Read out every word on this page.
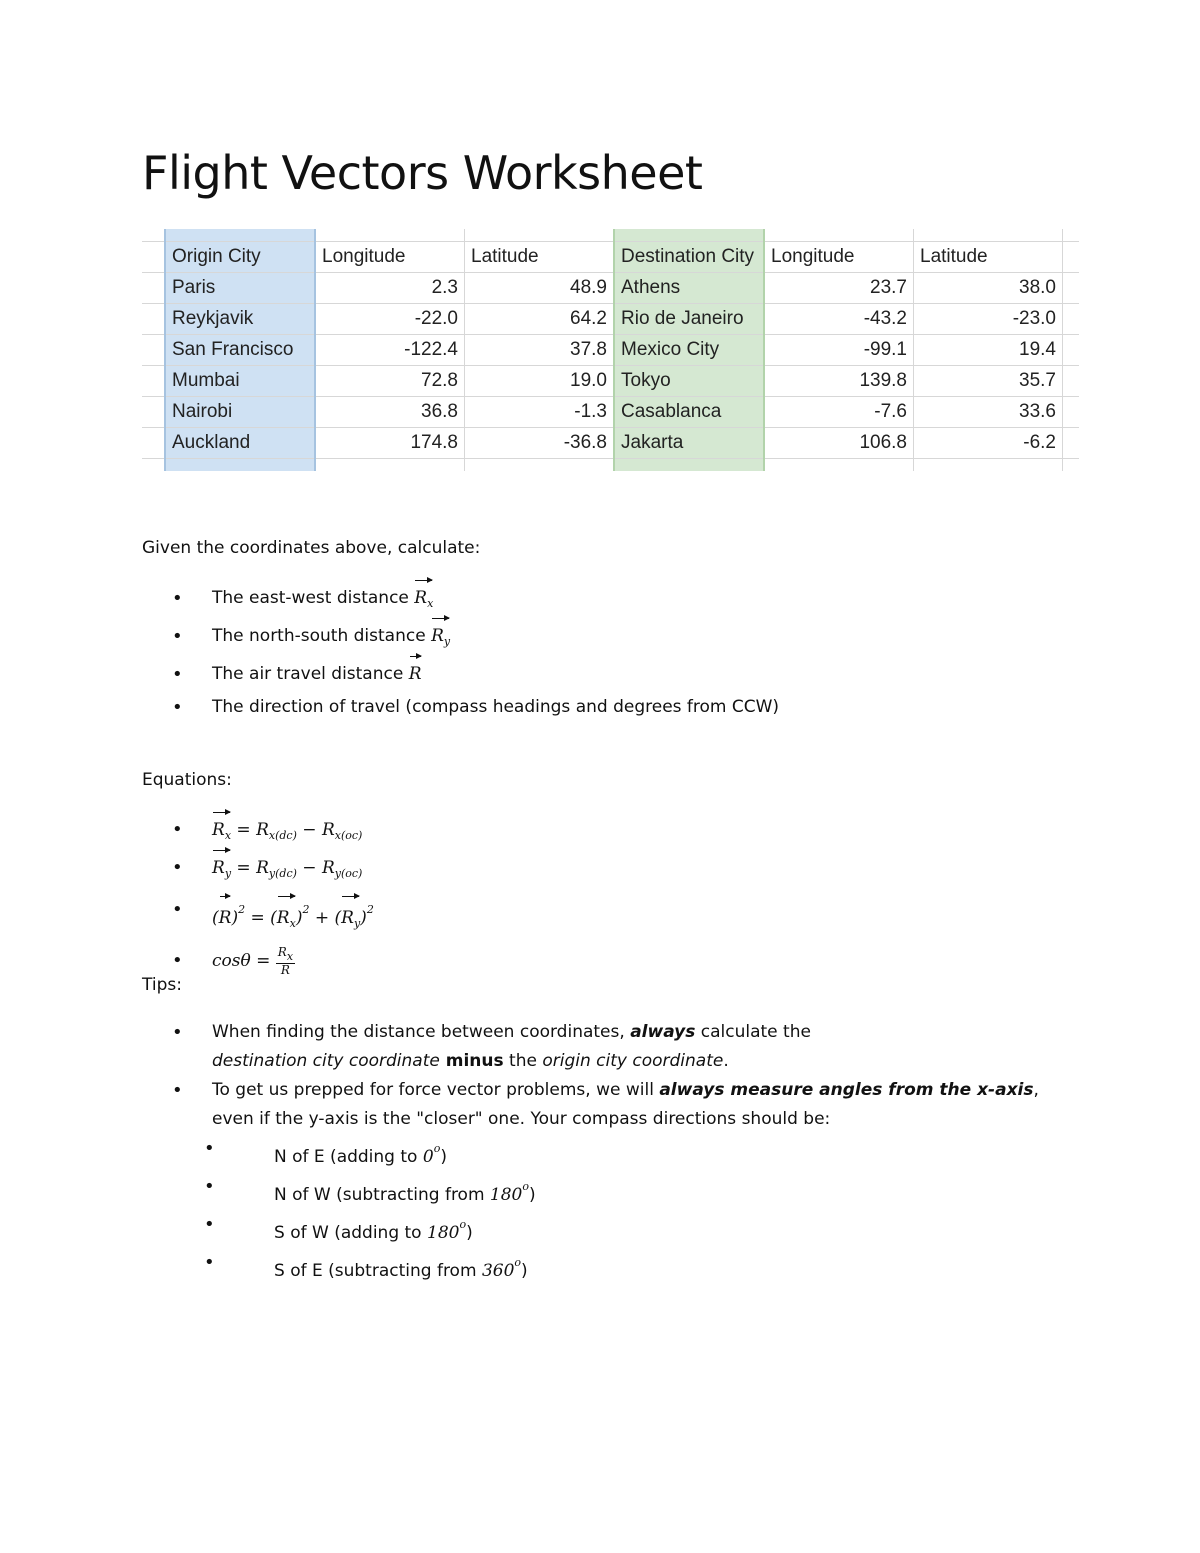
Flight Vectors Worksheet

	Origin City	Longitude	Latitude	Destination City	Longitude	Latitude	
	Paris	2.3	48.9	Athens	23.7	38.0	
	Reykjavik	-22.0	64.2	Rio de Janeiro	-43.2	-23.0	
	San Francisco	-122.4	37.8	Mexico City	-99.1	19.4	
	Mumbai	72.8	19.0	Tokyo	139.8	35.7	
	Nairobi	36.8	-1.3	Casablanca	-7.6	33.6	
	Auckland	174.8	-36.8	Jakarta	106.8	-6.2	

Given the coordinates above, calculate:

• The east-west distance $R_x$
• The north-south distance $R_y$
• The air travel distance R
• The direction of travel (compass headings and degrees from CCW)

Equations:

• $R_x = R_{x(dc)} - R_{x(oc)}$
• $R_y = R_{y(dc)} - R_{y(oc)}$
• $(R)^2 = (R_x)^2 + (R_y)^2$
• $\cos\theta = \frac{R_x}{R}$

Tips:

• When finding the distance between coordinates, always calculate the
destination city coordinate minus the origin city coordinate.
• To get us prepped for force vector problems, we will always measure angles from the x-axis,
even if the y-axis is the "closer" one. Your compass directions should be:
• N of E (adding to 0$^o$)
• N of W (subtracting from 180$^o$)
• S of W (adding to 180$^o$)
• S of E (subtracting from 360$^o$)
